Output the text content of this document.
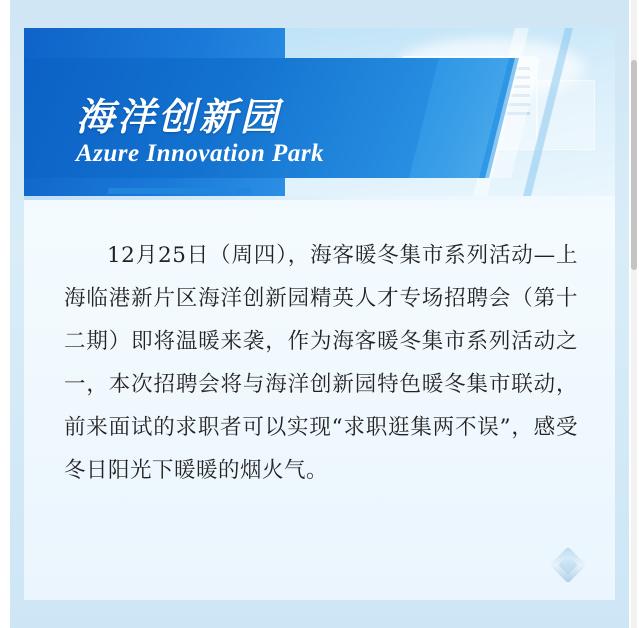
海洋创新园
Azure Innovation Park
12月25日（周四），海客暖冬集市系列活动—上海临港新片区海洋创新园精英人才专场招聘会（第十二期）即将温暖来袭，作为海客暖冬集市系列活动之一，本次招聘会将与海洋创新园特色暖冬集市联动，前来面试的求职者可以实现“求职逛集两不误”，感受冬日阳光下暖暖的烟火气。
